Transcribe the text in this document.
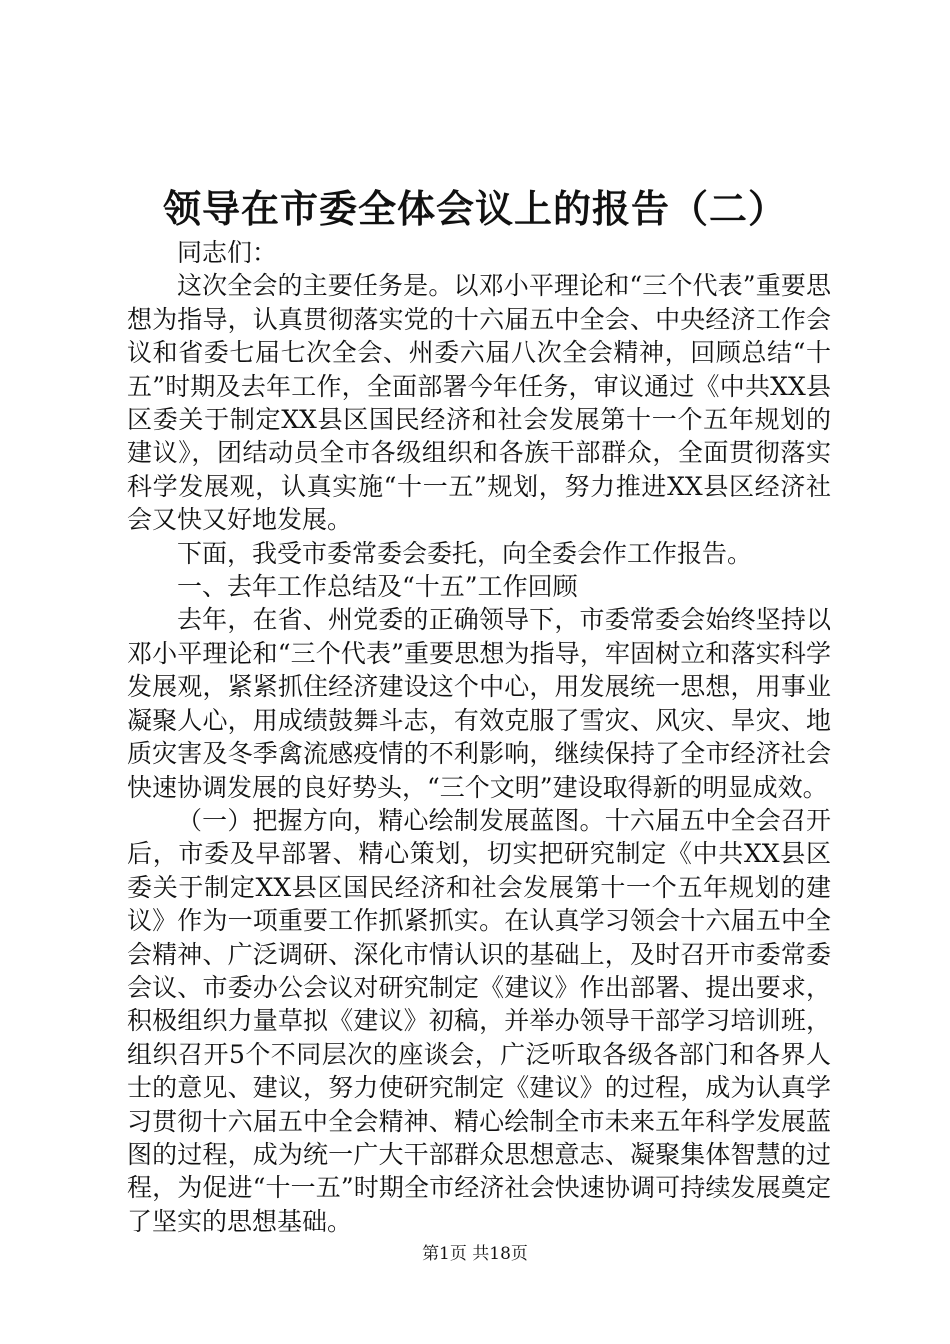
领导在市委全体会议上的报告（二）

同志们：

这次全会的主要任务是。以邓小平理论和“三个代表”重要思想为指导，认真贯彻落实党的十六届五中全会、中央经济工作会议和省委七届七次全会、州委六届八次全会精神，回顾总结“十五”时期及去年工作，全面部署今年任务，审议通过《中共XX县区委关于制定XX县区国民经济和社会发展第十一个五年规划的建议》，团结动员全市各级组织和各族干部群众，全面贯彻落实科学发展观，认真实施“十一五”规划，努力推进XX县区经济社会又快又好地发展。

下面，我受市委常委会委托，向全委会作工作报告。

一、去年工作总结及“十五”工作回顾

去年，在省、州党委的正确领导下，市委常委会始终坚持以邓小平理论和“三个代表”重要思想为指导，牢固树立和落实科学发展观，紧紧抓住经济建设这个中心，用发展统一思想，用事业凝聚人心，用成绩鼓舞斗志，有效克服了雪灾、风灾、旱灾、地质灾害及冬季禽流感疫情的不利影响，继续保持了全市经济社会快速协调发展的良好势头，“三个文明”建设取得新的明显成效。

（一）把握方向，精心绘制发展蓝图。十六届五中全会召开后，市委及早部署、精心策划，切实把研究制定《中共XX县区委关于制定XX县区国民经济和社会发展第十一个五年规划的建议》作为一项重要工作抓紧抓实。在认真学习领会十六届五中全会精神、广泛调研、深化市情认识的基础上，及时召开市委常委会议、市委办公会议对研究制定《建议》作出部署、提出要求，积极组织力量草拟《建议》初稿，并举办领导干部学习培训班，组织召开5个不同层次的座谈会，广泛听取各级各部门和各界人士的意见、建议，努力使研究制定《建议》的过程，成为认真学习贯彻十六届五中全会精神、精心绘制全市未来五年科学发展蓝图的过程，成为统一广大干部群众思想意志、凝聚集体智慧的过程，为促进“十一五”时期全市经济社会快速协调可持续发展奠定了坚实的思想基础。

第1页 共18页
